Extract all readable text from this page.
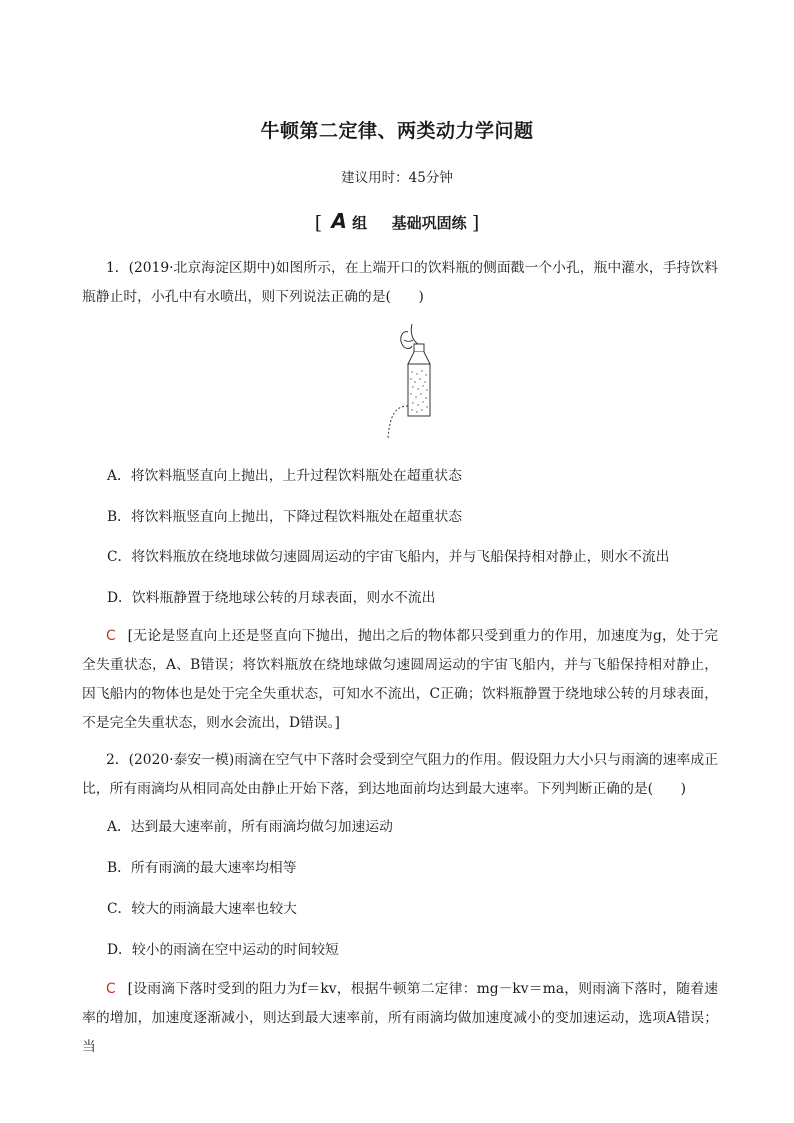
牛顿第二定律、两类动力学问题
建议用时：45分钟
[ A 组 基础巩固练 ]
1．(2019·北京海淀区期中)如图所示，在上端开口的饮料瓶的侧面戳一个小孔，瓶中灌水，手持饮料瓶静止时，小孔中有水喷出，则下列说法正确的是(　　)
A．将饮料瓶竖直向上抛出，上升过程饮料瓶处在超重状态
B．将饮料瓶竖直向上抛出，下降过程饮料瓶处在超重状态
C．将饮料瓶放在绕地球做匀速圆周运动的宇宙飞船内，并与飞船保持相对静止，则水不流出
D．饮料瓶静置于绕地球公转的月球表面，则水不流出
C [无论是竖直向上还是竖直向下抛出，抛出之后的物体都只受到重力的作用，加速度为g，处于完全失重状态，A、B错误；将饮料瓶放在绕地球做匀速圆周运动的宇宙飞船内，并与飞船保持相对静止，因飞船内的物体也是处于完全失重状态，可知水不流出，C正确；饮料瓶静置于绕地球公转的月球表面，不是完全失重状态，则水会流出，D错误。]
2．(2020·泰安一模)雨滴在空气中下落时会受到空气阻力的作用。假设阻力大小只与雨滴的速率成正比，所有雨滴均从相同高处由静止开始下落，到达地面前均达到最大速率。下列判断正确的是(　　)
A．达到最大速率前，所有雨滴均做匀加速运动
B．所有雨滴的最大速率均相等
C．较大的雨滴最大速率也较大
D．较小的雨滴在空中运动的时间较短
C [设雨滴下落时受到的阻力为f＝kv，根据牛顿第二定律：mg－kv＝ma，则雨滴下落时，随着速率的增加，加速度逐渐减小，则达到最大速率前，所有雨滴均做加速度减小的变加速运动，选项A错误；当
